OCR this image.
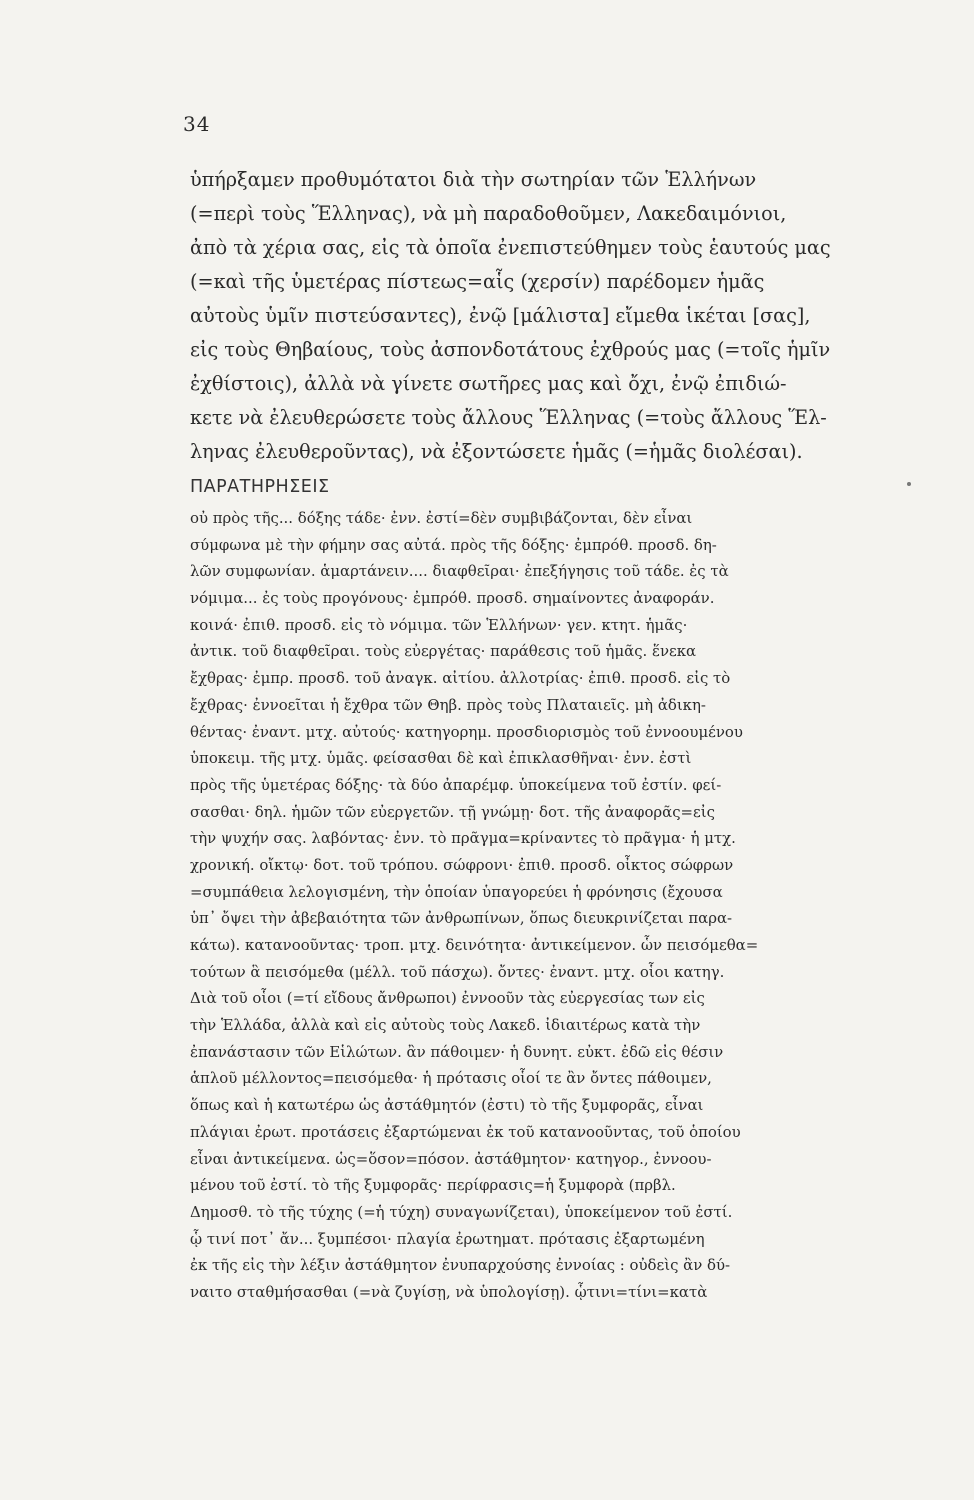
34
ὑπήρξαμεν προθυμότατοι διὰ τὴν σωτηρίαν τῶν Ἑλλήνων
(=περὶ τοὺς Ἕλληνας), νὰ μὴ παραδοθοῦμεν, Λακεδαιμόνιοι,
ἀπὸ τὰ χέρια σας, εἰς τὰ ὁποῖα ἐνεπιστεύθημεν τοὺς ἑαυτούς μας
(=καὶ τῆς ὑμετέρας πίστεως=αἷς (χερσίν) παρέδομεν ἡμᾶς
αὐτοὺς ὑμῖν πιστεύσαντες), ἐνῷ [μάλιστα] εἴμεθα ἱκέται [σας],
εἰς τοὺς Θηβαίους, τοὺς ἀσπονδοτάτους ἐχθρούς μας (=τοῖς ἡμῖν
ἐχθίστοις), ἀλλὰ νὰ γίνετε σωτῆρες μας καὶ ὄχι, ἐνῷ ἐπιδιώ-
κετε νὰ ἐλευθερώσετε τοὺς ἄλλους Ἕλληνας (=τοὺς ἄλλους Ἕλ-
ληνας ἐλευθεροῦντας), νὰ ἐξοντώσετε ἡμᾶς (=ἡμᾶς διολέσαι).
ΠΑΡΑΤΗΡΗΣΕΙΣ
οὐ πρὸς τῆς... δόξης τάδε· ἐνν. ἐστί=δὲν συμβιβάζονται, δὲν εἶναι
σύμφωνα μὲ τὴν φήμην σας αὐτά. πρὸς τῆς δόξης· ἐμπρόθ. προσδ. δη-
λῶν συμφωνίαν. ἁμαρτάνειν.... διαφθεῖραι· ἐπεξήγησις τοῦ τάδε. ἐς τὰ
νόμιμα... ἐς τοὺς προγόνους· ἐμπρόθ. προσδ. σημαίνοντες ἀναφοράν.
κοινά· ἐπιθ. προσδ. εἰς τὸ νόμιμα. τῶν Ἑλλήνων· γεν. κτητ. ἡμᾶς·
ἀντικ. τοῦ διαφθεῖραι. τοὺς εὐεργέτας· παράθεσις τοῦ ἡμᾶς. ἕνεκα
ἔχθρας· ἐμπρ. προσδ. τοῦ ἀναγκ. αἰτίου. ἀλλοτρίας· ἐπιθ. προσδ. εἰς τὸ
ἔχθρας· ἐννοεῖται ἡ ἔχθρα τῶν Θηβ. πρὸς τοὺς Πλαταιεῖς. μὴ ἀδικη-
θέντας· ἐναντ. μτχ. αὐτούς· κατηγορημ. προσδιορισμὸς τοῦ ἐννοουμένου
ὑποκειμ. τῆς μτχ. ὑμᾶς. φείσασθαι δὲ καὶ ἐπικλασθῆναι· ἐνν. ἐστὶ
πρὸς τῆς ὑμετέρας δόξης· τὰ δύο ἀπαρέμφ. ὑποκείμενα τοῦ ἐστίν. φεί-
σασθαι· δηλ. ἡμῶν τῶν εὐεργετῶν. τῇ γνώμῃ· δοτ. τῆς ἀναφορᾶς=εἰς
τὴν ψυχήν σας. λαβόντας· ἐνν. τὸ πρᾶγμα=κρίναντες τὸ πρᾶγμα· ἡ μτχ.
χρονική. οἴκτῳ· δοτ. τοῦ τρόπου. σώφρονι· ἐπιθ. προσδ. οἶκτος σώφρων
=συμπάθεια λελογισμένη, τὴν ὁποίαν ὑπαγορεύει ἡ φρόνησις (ἔχουσα
ὑπ᾽ ὄψει τὴν ἀβεβαιότητα τῶν ἀνθρωπίνων, ὅπως διευκρινίζεται παρα-
κάτω). κατανοοῦντας· τροπ. μτχ. δεινότητα· ἀντικείμενον. ὧν πεισόμεθα=
τούτων ἃ πεισόμεθα (μέλλ. τοῦ πάσχω). ὄντες· ἐναντ. μτχ. οἷοι κατηγ.
Διὰ τοῦ οἷοι (=τί εἴδους ἄνθρωποι) ἐννοοῦν τὰς εὐεργεσίας των εἰς
τὴν Ἑλλάδα, ἀλλὰ καὶ εἰς αὐτοὺς τοὺς Λακεδ. ἰδιαιτέρως κατὰ τὴν
ἐπανάστασιν τῶν Εἱλώτων. ἂν πάθοιμεν· ἡ δυνητ. εὐκτ. ἐδῶ εἰς θέσιν
ἁπλοῦ μέλλοντος=πεισόμεθα· ἡ πρότασις οἷοί τε ἂν ὄντες πάθοιμεν,
ὅπως καὶ ἡ κατωτέρω ὡς ἀστάθμητόν (ἐστι) τὸ τῆς ξυμφορᾶς, εἶναι
πλάγιαι ἐρωτ. προτάσεις ἐξαρτώμεναι ἐκ τοῦ κατανοοῦντας, τοῦ ὁποίου
εἶναι ἀντικείμενα. ὡς=ὅσον=πόσον. ἀστάθμητον· κατηγορ., ἐννοου-
μένου τοῦ ἐστί. τὸ τῆς ξυμφορᾶς· περίφρασις=ἡ ξυμφορὰ (πρβλ.
Δημοσθ. τὸ τῆς τύχης (=ἡ τύχη) συναγωνίζεται), ὑποκείμενον τοῦ ἐστί.
ᾧ τινί ποτ᾽ ἄν... ξυμπέσοι· πλαγία ἐρωτηματ. πρότασις ἐξαρτωμένη
ἐκ τῆς εἰς τὴν λέξιν ἀστάθμητον ἐνυπαρχούσης ἐννοίας : οὐδεὶς ἂν δύ-
ναιτο σταθμήσασθαι (=νὰ ζυγίσῃ, νὰ ὑπολογίσῃ). ᾧτινι=τίνι=κατὰ
